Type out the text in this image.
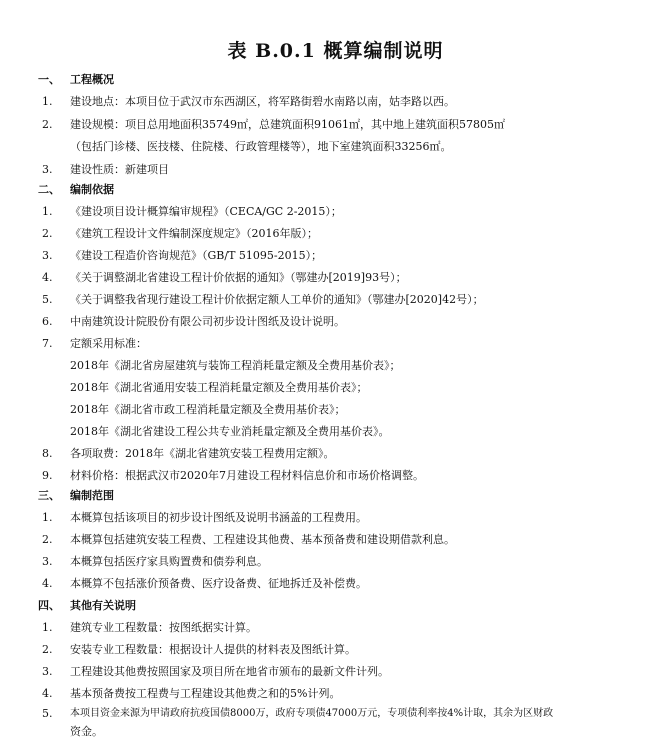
表 B.0.1 概算编制说明
一、 工程概况
1.	建设地点：本项目位于武汉市东西湖区，将军路街碧水南路以南，姑李路以西。
2.	建设规模：项目总用地面积35749㎡，总建筑面积91061㎡，其中地上建筑面积57805㎡
（包括门诊楼、医技楼、住院楼、行政管理楼等），地下室建筑面积33256㎡。
3.	建设性质：新建项目
二、 编制依据
1.	《建设项目设计概算编审规程》（CECA/GC 2-2015）；
2.	《建筑工程设计文件编制深度规定》（2016年版）；
3.	《建设工程造价咨询规范》（GB/T 51095-2015）；
4.	《关于调整湖北省建设工程计价依据的通知》（鄂建办[2019]93号）；
5.	《关于调整我省现行建设工程计价依据定额人工单价的通知》（鄂建办[2020]42号）；
6.	中南建筑设计院股份有限公司初步设计图纸及设计说明。
7.	定额采用标准：
2018年《湖北省房屋建筑与装饰工程消耗量定额及全费用基价表》；
2018年《湖北省通用安装工程消耗量定额及全费用基价表》；
2018年《湖北省市政工程消耗量定额及全费用基价表》；
2018年《湖北省建设工程公共专业消耗量定额及全费用基价表》。
8.	各项取费：2018年《湖北省建筑安装工程费用定额》。
9.	材料价格：根据武汉市2020年7月建设工程材料信息价和市场价格调整。
三、 编制范围
1.	本概算包括该项目的初步设计图纸及说明书涵盖的工程费用。
2.	本概算包括建筑安装工程费、工程建设其他费、基本预备费和建设期借款利息。
3.	本概算包括医疗家具购置费和债券利息。
4.	本概算不包括涨价预备费、医疗设备费、征地拆迁及补偿费。
四、 其他有关说明
1.	建筑专业工程数量：按图纸据实计算。
2.	安装专业工程数量：根据设计人提供的材料表及图纸计算。
3.	工程建设其他费按照国家及项目所在地省市颁布的最新文件计列。
4.	基本预备费按工程费与工程建设其他费之和的5%计列。
5.	本项目资金来源为甲请政府抗疫国债8000万，政府专项债47000万元，专项债利率按4%计取，其余为区财政
资金。
